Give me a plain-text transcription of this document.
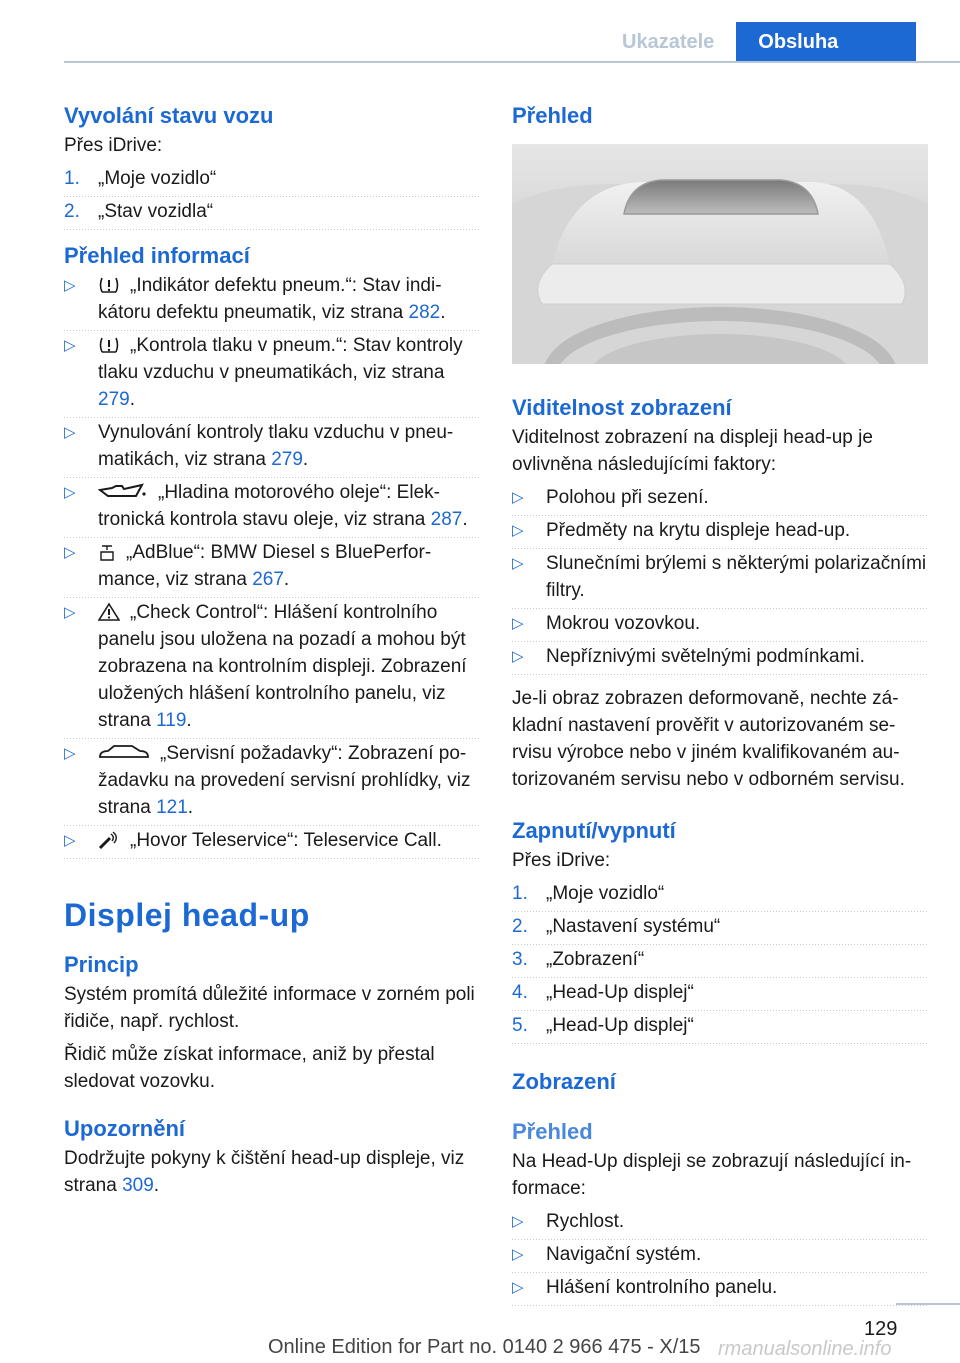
Ukazatele	Obsluha
Vyvolání stavu vozu

Přes iDrive:

1. „Moje vozidlo“
2. „Stav vozidla“
Přehled informací
▷	„Indikátor defektu pneum.“: Stav indikátoru defektu pneumatik, viz strana 282.
▷	„Kontrola tlaku v pneum.“: Stav kontroly tlaku vzduchu v pneumatikách, viz strana 279.
▷ Vynulování kontroly tlaku vzduchu v pneumatikách, viz strana 279.
▷	„Hladina motorového oleje“: Elektronická kontrola stavu oleje, viz strana 287.
▷	„AdBlue“: BMW Diesel s BluePerformance, viz strana 267.
▷	„Check Control“: Hlášení kontrolního panelu jsou uložena na pozadí a mohou být zobrazena na kontrolním displeji. Zobrazení uložených hlášení kontrolního panelu, viz strana 119.
▷	„Servisní požadavky“: Zobrazení požadavku na provedení servisní prohlídky, viz strana 121.
▷	„Hovor Teleservice“: Teleservice Call.
Displej head-up
Princip

Systém promítá důležité informace v zorném poli řidiče, např. rychlost.

Řidič může získat informace, aniž by přestal sledovat vozovku.

Upozornění

Dodržujte pokyny k čištění head-up displeje, viz strana 309.

Přehled
Viditelnost zobrazení

Viditelnost zobrazení na displeji head-up je ovlivněna následujícími faktory:

▷ Polohou při sezení.
▷ Předměty na krytu displeje head-up.
▷ Slunečními brýlemi s některými polarizačními filtry.
▷ Mokrou vozovkou.
▷ Nepříznivými světelnými podmínkami.

Je-li obraz zobrazen deformovaně, nechte základní nastavení prověřit v autorizovaném servisu výrobce nebo v jiném kvalifikovaném autorizovaném servisu nebo v odborném servisu.

Zapnutí/vypnutí

Přes iDrive:

1. „Moje vozidlo“
2. „Nastavení systému“
3. „Zobrazení“
4. „Head-Up displej“
5. „Head-Up displej“
Zobrazení
Přehled

Na Head-Up displeji se zobrazují následující informace:

▷ Rychlost.
▷ Navigační systém.
▷ Hlášení kontrolního panelu.
129
Online Edition for Part no. 0140 2 966 475 - X/15 rmanualsonline.info
